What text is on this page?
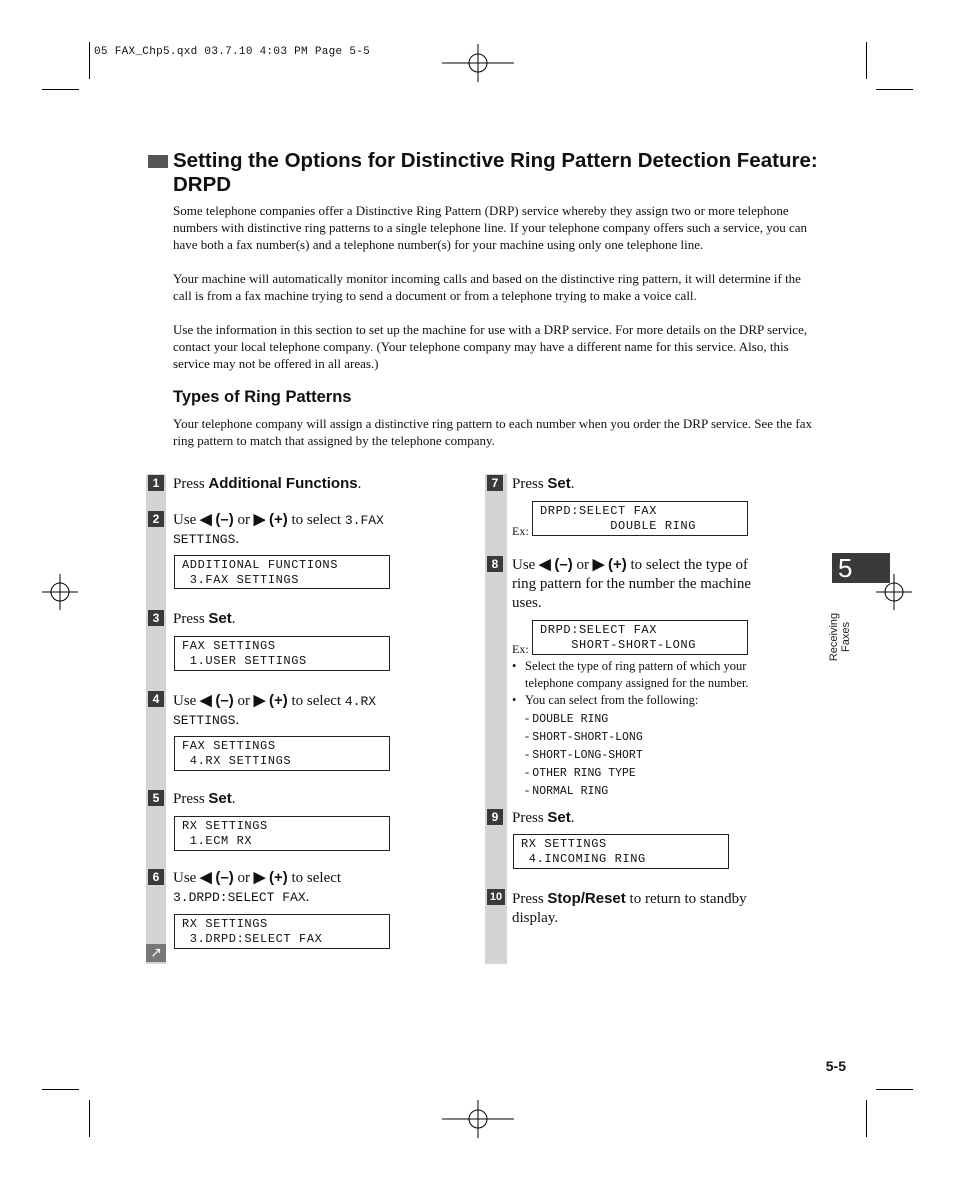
05 FAX_Chp5.qxd 03.7.10 4:03 PM Page 5-5
Setting the Options for Distinctive Ring Pattern Detection Feature: DRPD

Some telephone companies offer a Distinctive Ring Pattern (DRP) service whereby they assign two or more telephone numbers with distinctive ring patterns to a single telephone line. If your telephone company offers such a service, you can have both a fax number(s) and a telephone number(s) for your machine using only one telephone line.

Your machine will automatically monitor incoming calls and based on the distinctive ring pattern, it will determine if the call is from a fax machine trying to send a document or from a telephone trying to make a voice call.

Use the information in this section to set up the machine for use with a DRP service. For more details on the DRP service, contact your local telephone company. (Your telephone company may have a different name for this service. Also, this service may not be offered in all areas.)

Types of Ring Patterns

Your telephone company will assign a distinctive ring pattern to each number when you order the DRP service. See the fax ring pattern to match that assigned by the telephone company.

1 Press Additional Functions.
2 Use ◀ (–) or ▶ (+) to select 3.FAX
SETTINGS.
ADDITIONAL FUNCTIONS
3.FAX SETTINGS
3 Press Set.
FAX SETTINGS
1.USER SETTINGS
4 Use ◀ (–) or ▶ (+) to select 4.RX
SETTINGS.
FAX SETTINGS
4.RX SETTINGS
5 Press Set.
RX SETTINGS
1.ECM RX
6 Use ◀ (–) or ▶ (+) to select
3.DRPD:SELECT FAX.
RX SETTINGS
3.DRPD:SELECT FAX
↗
7 Press Set.
Ex:
DRPD:SELECT FAX
DOUBLE RING
8 Use ◀ (–) or ▶ (+) to select the type of
ring pattern for the number the machine
uses.
Ex:
DRPD:SELECT FAX
SHORT-SHORT-LONG
• Select the type of ring pattern of which your telephone company assigned for the number.
• You can select from the following:
- DOUBLE RING
- SHORT-SHORT-LONG
- SHORT-LONG-SHORT
- OTHER RING TYPE
- NORMAL RING
9 Press Set.
RX SETTINGS
4.INCOMING RING
10 Press Stop/Reset to return to standby
display.
5
Receiving Faxes
5-5
